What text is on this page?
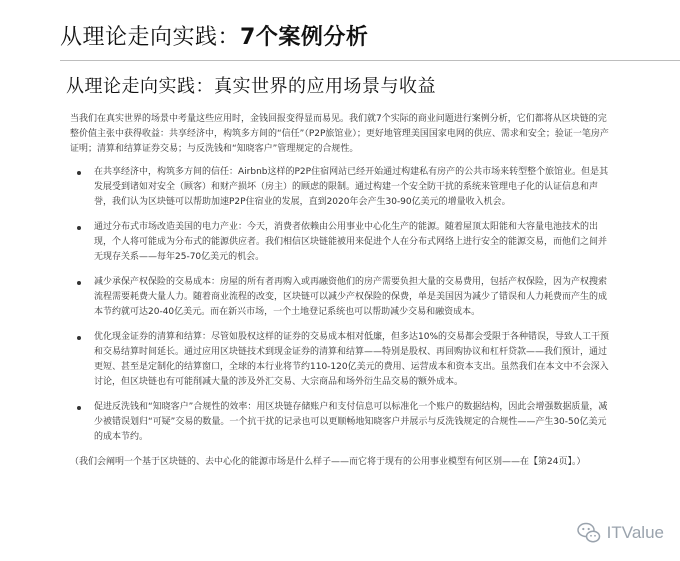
从理论走向实践：7个案例分析
从理论走向实践：真实世界的应用场景与收益

当我们在真实世界的场景中考量这些应用时，金钱回报变得显而易见。我们就7个实际的商业问题进行案例分析，它们都将从区块链的完整价值主张中获得收益：共享经济中，构筑多方间的“信任”（P2P旅馆业）；更好地管理美国国家电网的供应、需求和安全；验证一笔房产证明；清算和结算证券交易；与反洗钱和“知晓客户”管理规定的合规性。

在共享经济中，构筑多方间的信任：Airbnb这样的P2P住宿网站已经开始通过构建私有房产的公共市场来转型整个旅馆业。但是其发展受到诸如对安全（顾客）和财产损坏（房主）的顾虑的限制。通过构建一个安全防干扰的系统来管理电子化的认证信息和声誉，我们认为区块链可以帮助加速P2P住宿业的发展，直到2020年会产生30-90亿美元的增量收入机会。
通过分布式市场改造美国的电力产业：今天，消费者依赖由公用事业中心化生产的能源。随着屋顶太阳能和大容量电池技术的出现，个人将可能成为分布式的能源供应者。我们相信区块链能被用来促进个人在分布式网络上进行安全的能源交易，而他们之间并无现存关系——每年25-70亿美元的机会。
减少承保产权保险的交易成本：房屋的所有者再购入或再融资他们的房产需要负担大量的交易费用，包括产权保险，因为产权搜索流程需要耗费大量人力。随着商业流程的改变，区块链可以减少产权保险的保费，单是美国因为减少了错误和人力耗费而产生的成本节约就可达20-40亿美元。而在新兴市场，一个土地登记系统也可以帮助减少交易和融资成本。
优化现金证券的清算和结算：尽管如股权这样的证券的交易成本相对低廉，但多达10%的交易都会受限于各种错误，导致人工干预和交易结算时间延长。通过应用区块链技术到现金证券的清算和结算——特别是股权、再回购协议和杠杆贷款——我们预计，通过更短、甚至是定制化的结算窗口，全球的本行业将节约110-120亿美元的费用、运营成本和资本支出。虽然我们在本文中不会深入讨论，但区块链也有可能削减大量的涉及外汇交易、大宗商品和场外衍生品交易的额外成本。
促进反洗钱和“知晓客户”合规性的效率：用区块链存储账户和支付信息可以标准化一个账户的数据结构，因此会增强数据质量，减少被错误划归“可疑”交易的数量。一个抗干扰的记录也可以更顺畅地知晓客户并展示与反洗钱规定的合规性——产生30-50亿美元的成本节约。

（我们会阐明一个基于区块链的、去中心化的能源市场是什么样子——而它将于现有的公用事业模型有何区别——在【第24页】。）

ITValue
